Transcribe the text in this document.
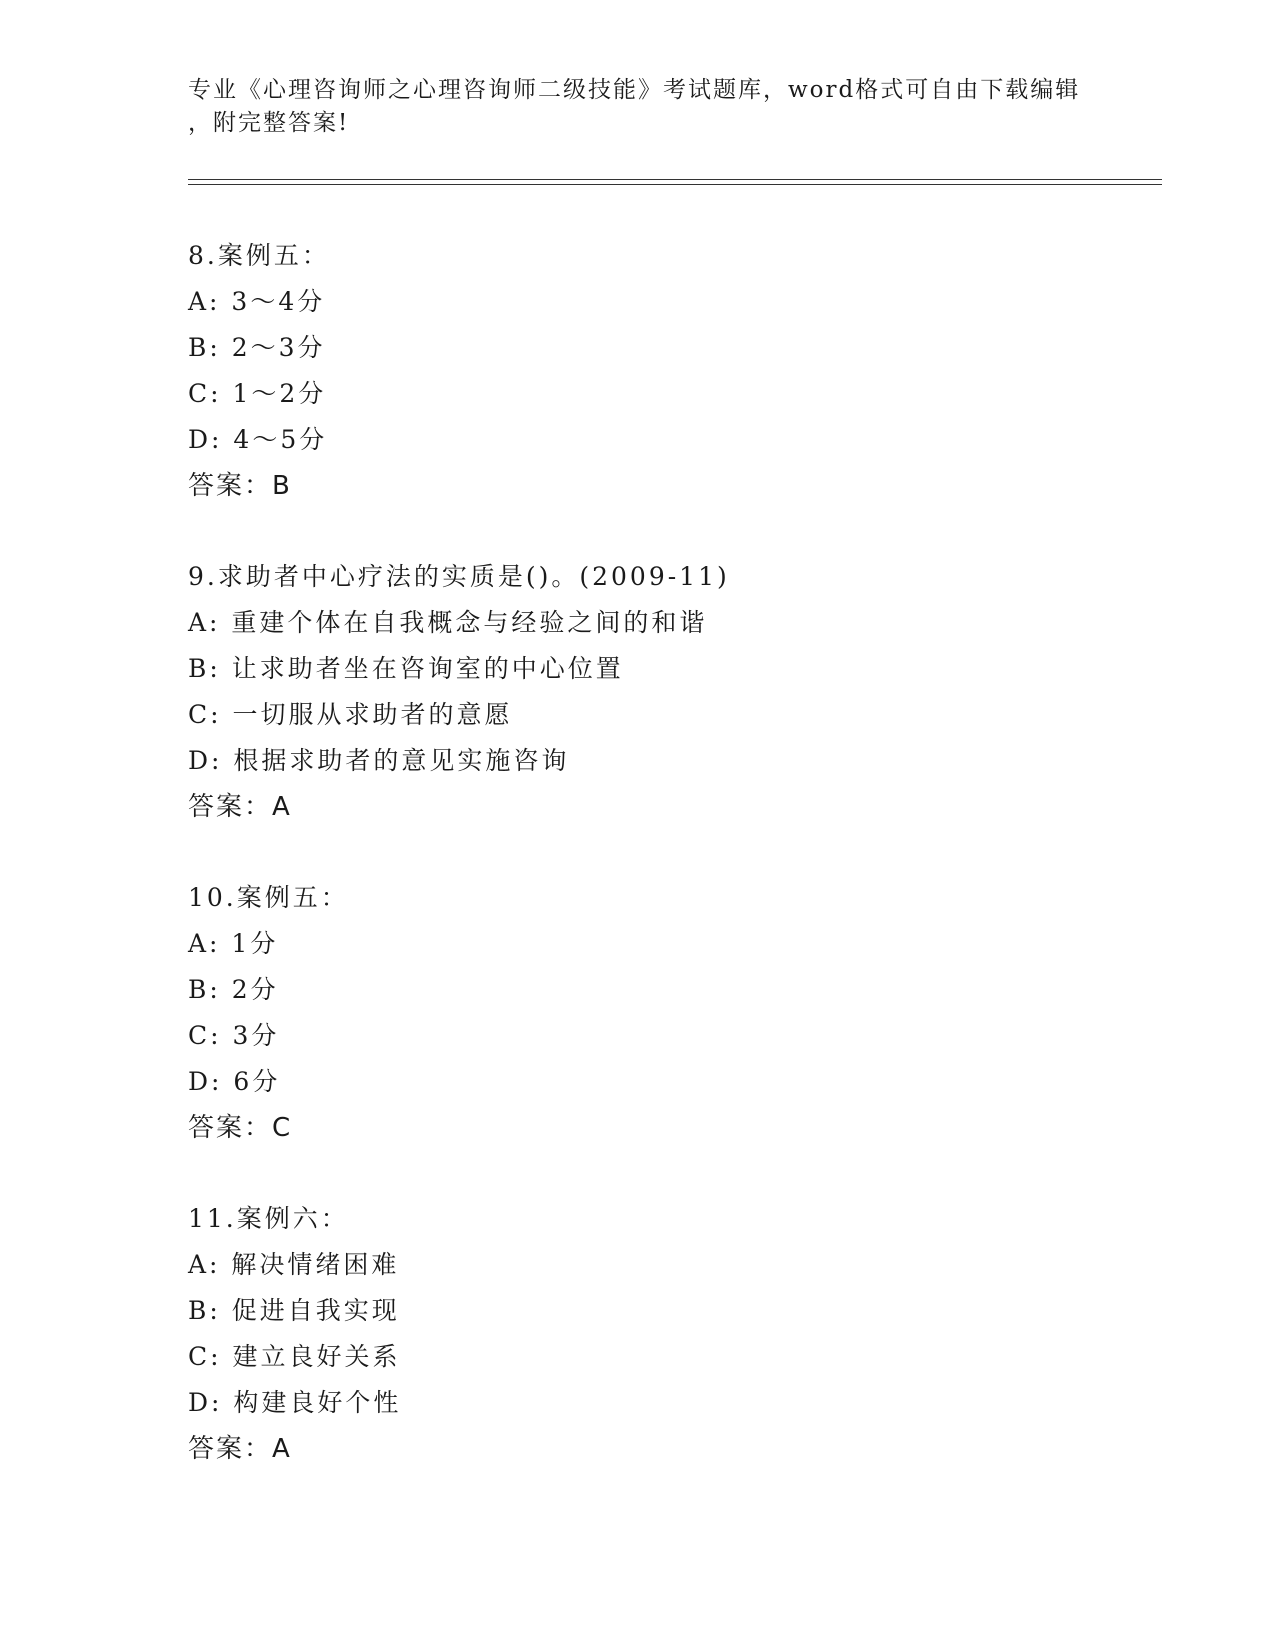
专业《心理咨询师之心理咨询师二级技能》考试题库，word格式可自由下载编辑
，附完整答案!
8.案例五：
A: 3～4分
B: 2～3分
C: 1～2分
D: 4～5分
答案：B
9.求助者中心疗法的实质是()。(2009-11)
A: 重建个体在自我概念与经验之间的和谐
B: 让求助者坐在咨询室的中心位置
C: 一切服从求助者的意愿
D: 根据求助者的意见实施咨询
答案：A
10.案例五：
A: 1分
B: 2分
C: 3分
D: 6分
答案：C
11.案例六：
A: 解决情绪困难
B: 促进自我实现
C: 建立良好关系
D: 构建良好个性
答案：A
